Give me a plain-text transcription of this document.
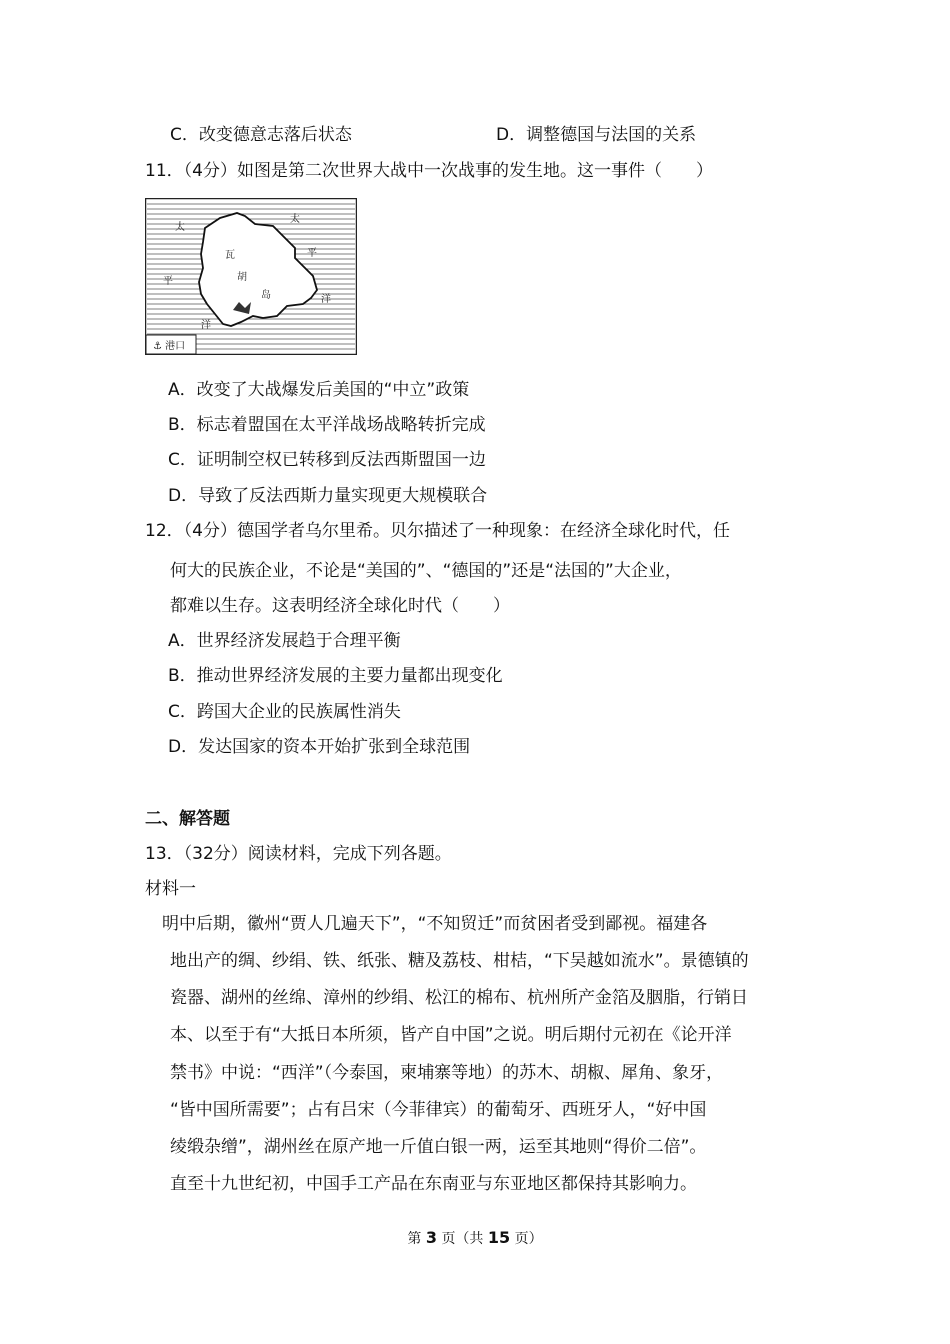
C．改变德意志落后状态	D．调整德国与法国的关系
11．（4分）如图是第二次世界大战中一次战事的发生地。这一事件（　　）
太
太
平
平
洋
洋
瓦
胡
岛
⚓ 港口
A．改变了大战爆发后美国的“中立”政策
B．标志着盟国在太平洋战场战略转折完成
C．证明制空权已转移到反法西斯盟国一边
D．导致了反法西斯力量实现更大规模联合
12．（4分）德国学者乌尔里希。贝尔描述了一种现象：在经济全球化时代，任
何大的民族企业，不论是“美国的”、“德国的”还是“法国的”大企业，
都难以生存。这表明经济全球化时代（　　）
A．世界经济发展趋于合理平衡
B．推动世界经济发展的主要力量都出现变化
C．跨国大企业的民族属性消失
D．发达国家的资本开始扩张到全球范围
二、解答题
13．（32分）阅读材料，完成下列各题。
材料一
明中后期，徽州“贾人几遍天下”，“不知贸迁”而贫困者受到鄙视。福建各
地出产的绸、纱绢、铁、纸张、糖及荔枝、柑桔，“下吴越如流水”。景德镇的
瓷器、湖州的丝绵、漳州的纱绢、松江的棉布、杭州所产金箔及胭脂，行销日
本、以至于有“大抵日本所须，皆产自中国”之说。明后期付元初在《论开洋
禁书》中说：“西洋”（今泰国，柬埔寨等地）的苏木、胡椒、犀角、象牙，
“皆中国所需要”；占有吕宋（今菲律宾）的葡萄牙、西班牙人，“好中国
绫缎杂缯”，湖州丝在原产地一斤值白银一两，运至其地则“得价二倍”。
直至十九世纪初，中国手工产品在东南亚与东亚地区都保持其影响力。
第 3 页（共 15 页）
